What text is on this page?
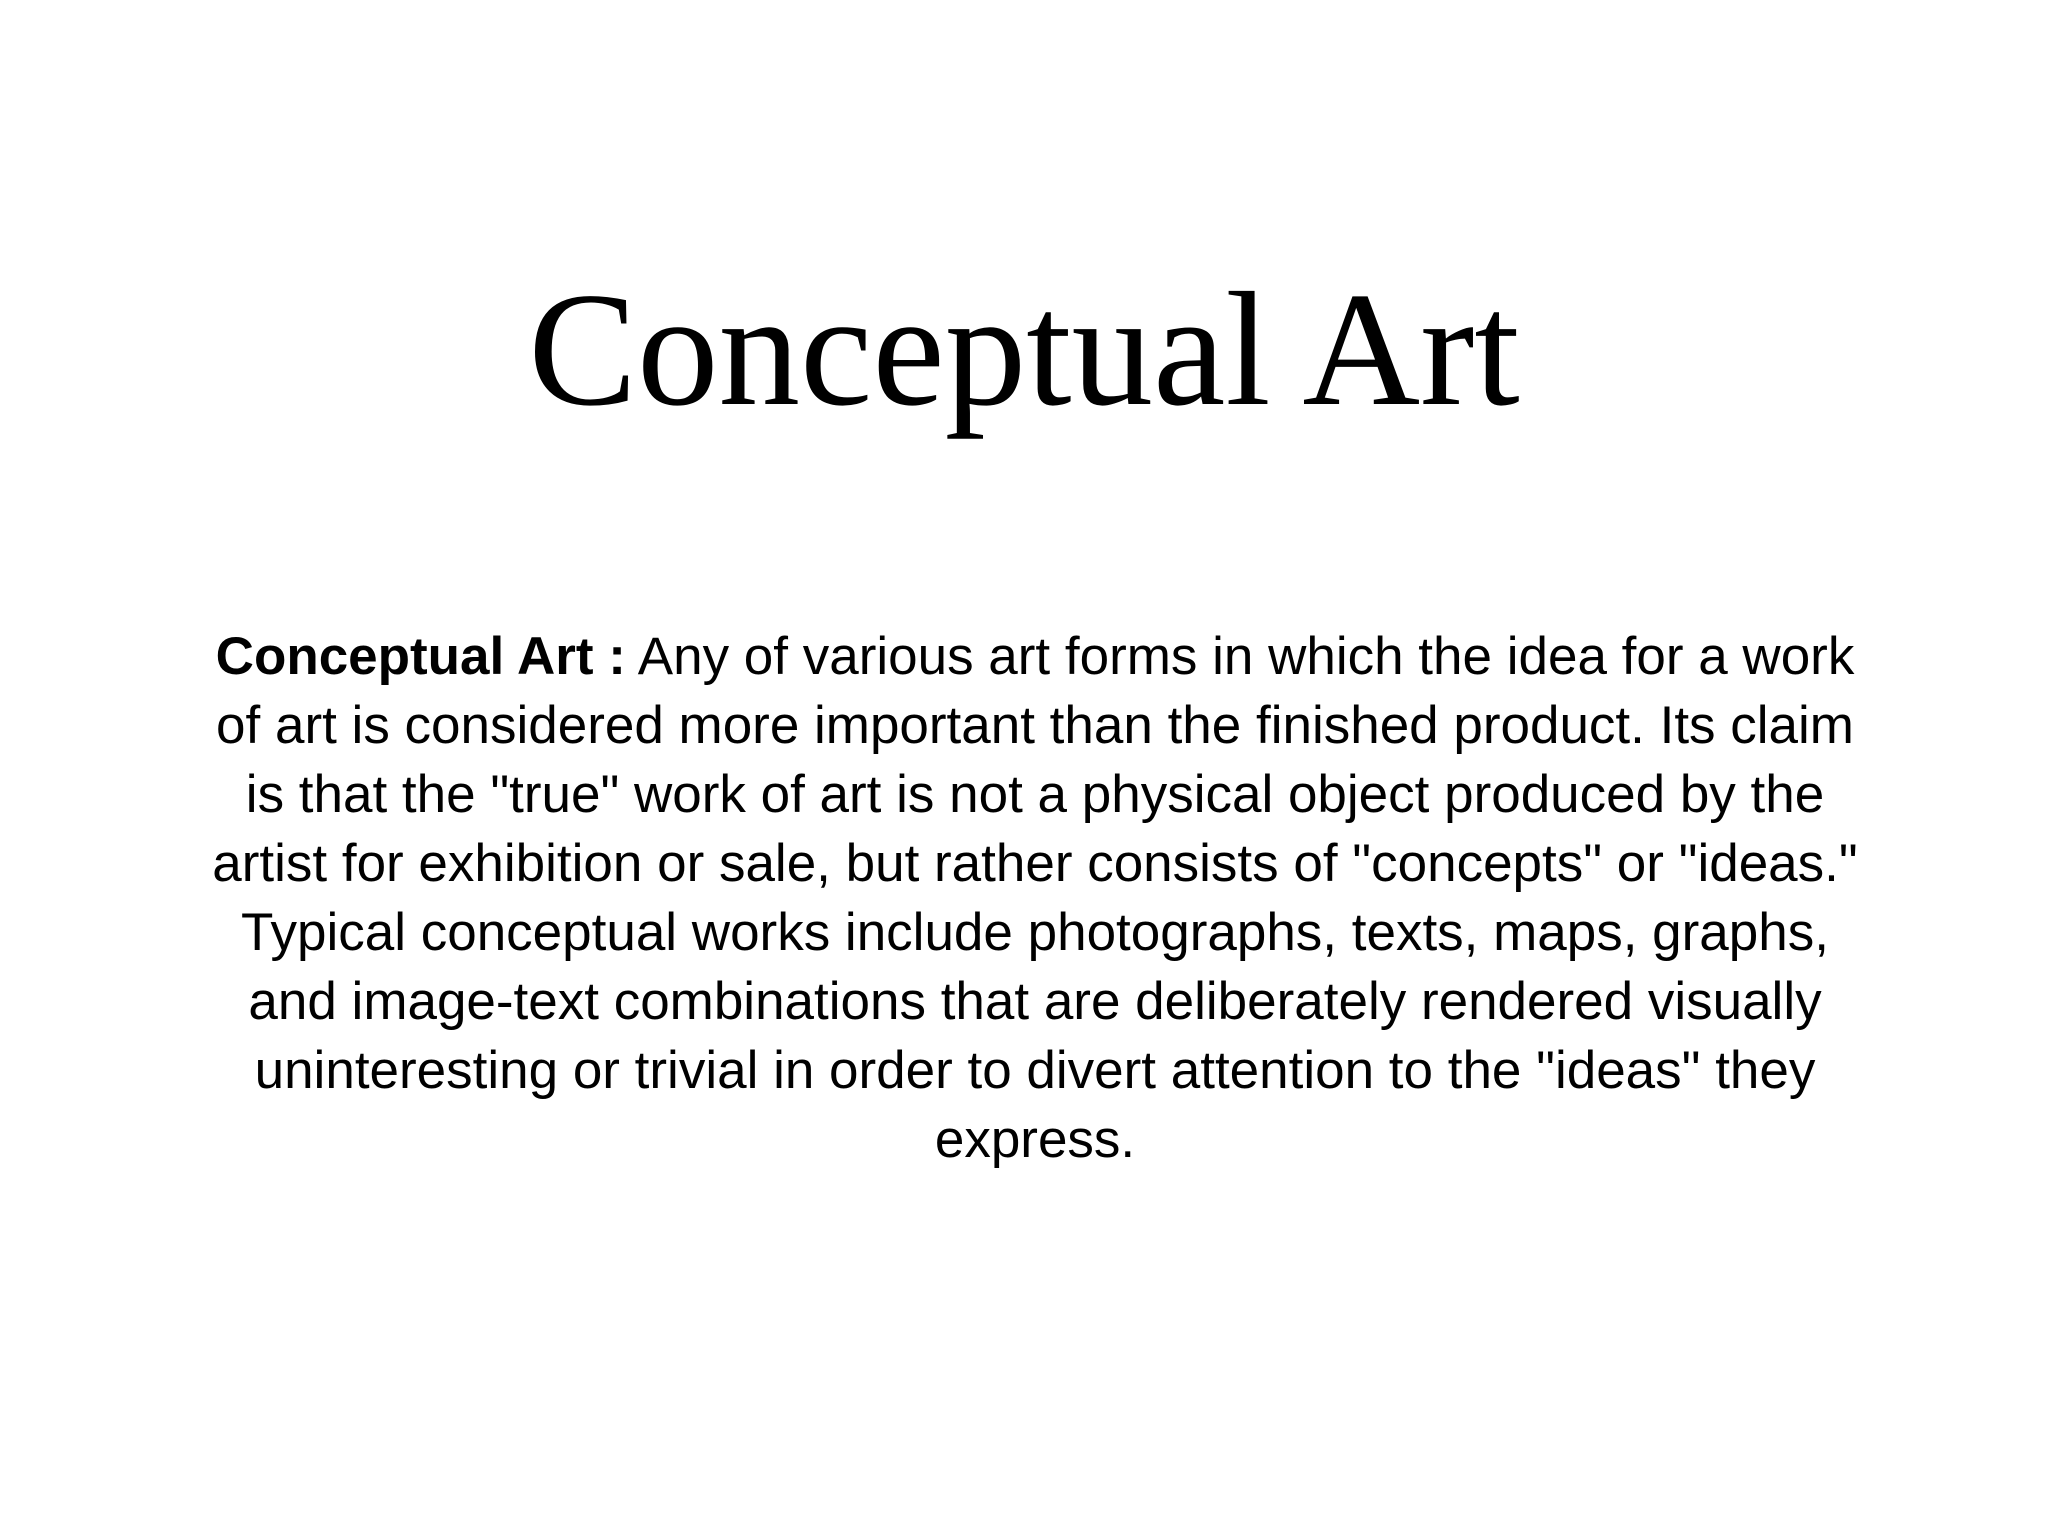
Conceptual Art

Conceptual Art : Any of various art forms in which the idea for a work of art is considered more important than the finished product. Its claim is that the "true" work of art is not a physical object produced by the artist for exhibition or sale, but rather consists of "concepts" or "ideas."

Typical conceptual works include photographs, texts, maps, graphs, and image-text combinations that are deliberately rendered visually uninteresting or trivial in order to divert attention to the "ideas" they express.
